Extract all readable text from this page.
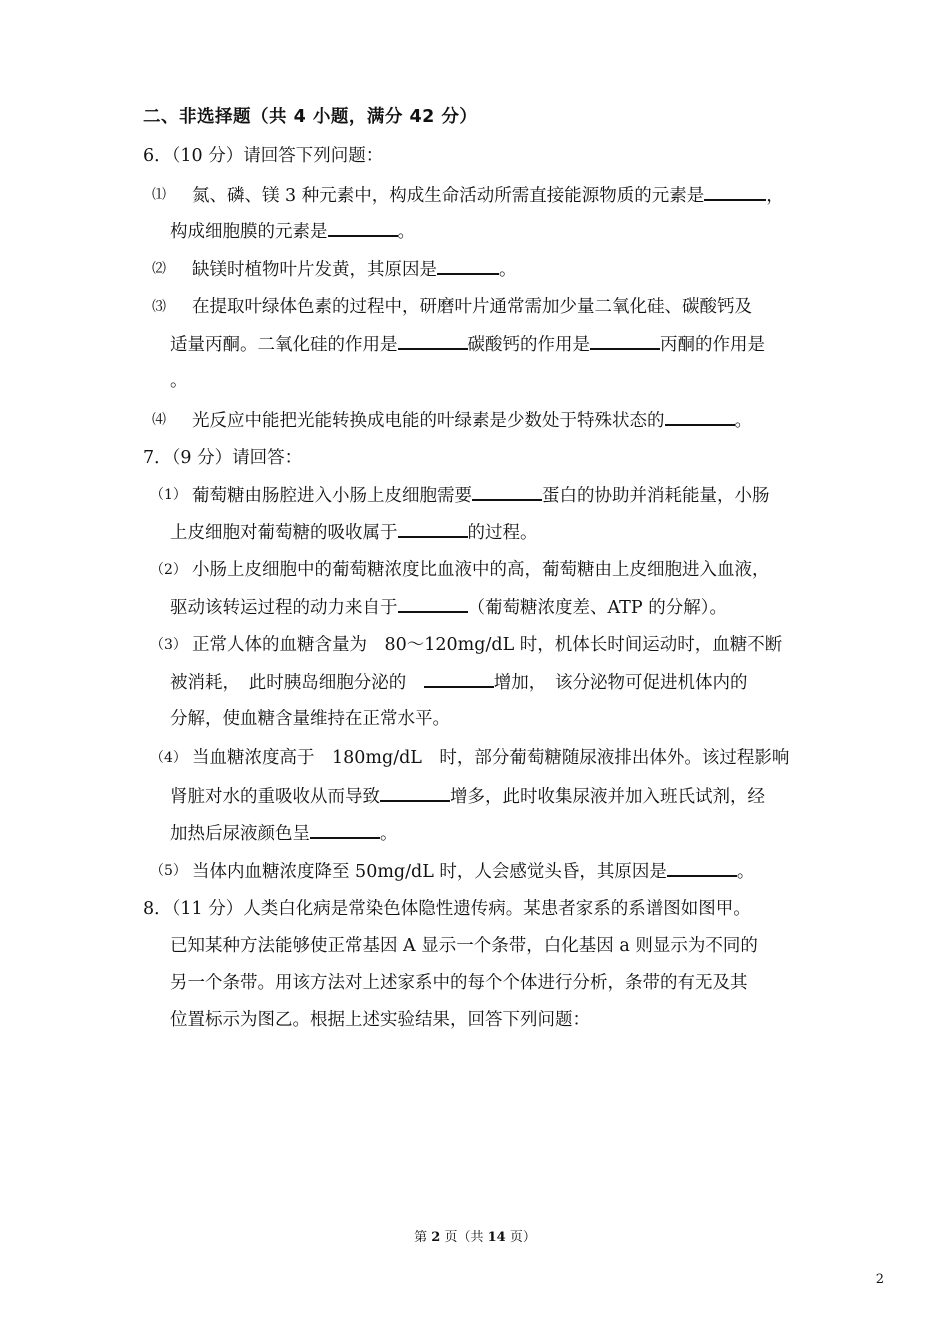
二、非选择题（共 4 小题，满分 42 分）
6．（10 分）请回答下列问题：
⑴ 氮、磷、镁 3 种元素中，构成生命活动所需直接能源物质的元素是	，
构成细胞膜的元素是	。
⑵ 缺镁时植物叶片发黄，其原因是	。
⑶ 在提取叶绿体色素的过程中，研磨叶片通常需加少量二氧化硅、碳酸钙及
适量丙酮。二氧化硅的作用是	碳酸钙的作用是	丙酮的作用是
。
⑷ 光反应中能把光能转换成电能的叶绿素是少数处于特殊状态的	。
7．（9 分）请回答：
（1） 葡萄糖由肠腔进入小肠上皮细胞需要	蛋白的协助并消耗能量，小肠
上皮细胞对葡萄糖的吸收属于	的过程。
（2） 小肠上皮细胞中的葡萄糖浓度比血液中的高，葡萄糖由上皮细胞进入血液，
驱动该转运过程的动力来自于	（葡萄糖浓度差、ATP 的分解）。
（3） 正常人体的血糖含量为　80～120mg/dL 时，机体长时间运动时，血糖不断
被消耗，　此时胰岛细胞分泌的　	增加，　该分泌物可促进机体内的
分解，使血糖含量维持在正常水平。
（4） 当血糖浓度高于　180mg/dL　时，部分葡萄糖随尿液排出体外。该过程影响
肾脏对水的重吸收从而导致	增多，此时收集尿液并加入班氏试剂，经
加热后尿液颜色呈	。
（5） 当体内血糖浓度降至 50mg/dL 时，人会感觉头昏，其原因是	。
8．（11 分）人类白化病是常染色体隐性遗传病。某患者家系的系谱图如图甲。
已知某种方法能够使正常基因 A 显示一个条带，白化基因 a 则显示为不同的
另一个条带。用该方法对上述家系中的每个个体进行分析，条带的有无及其
位置标示为图乙。根据上述实验结果，回答下列问题：
第 2 页（共 14 页）
2
